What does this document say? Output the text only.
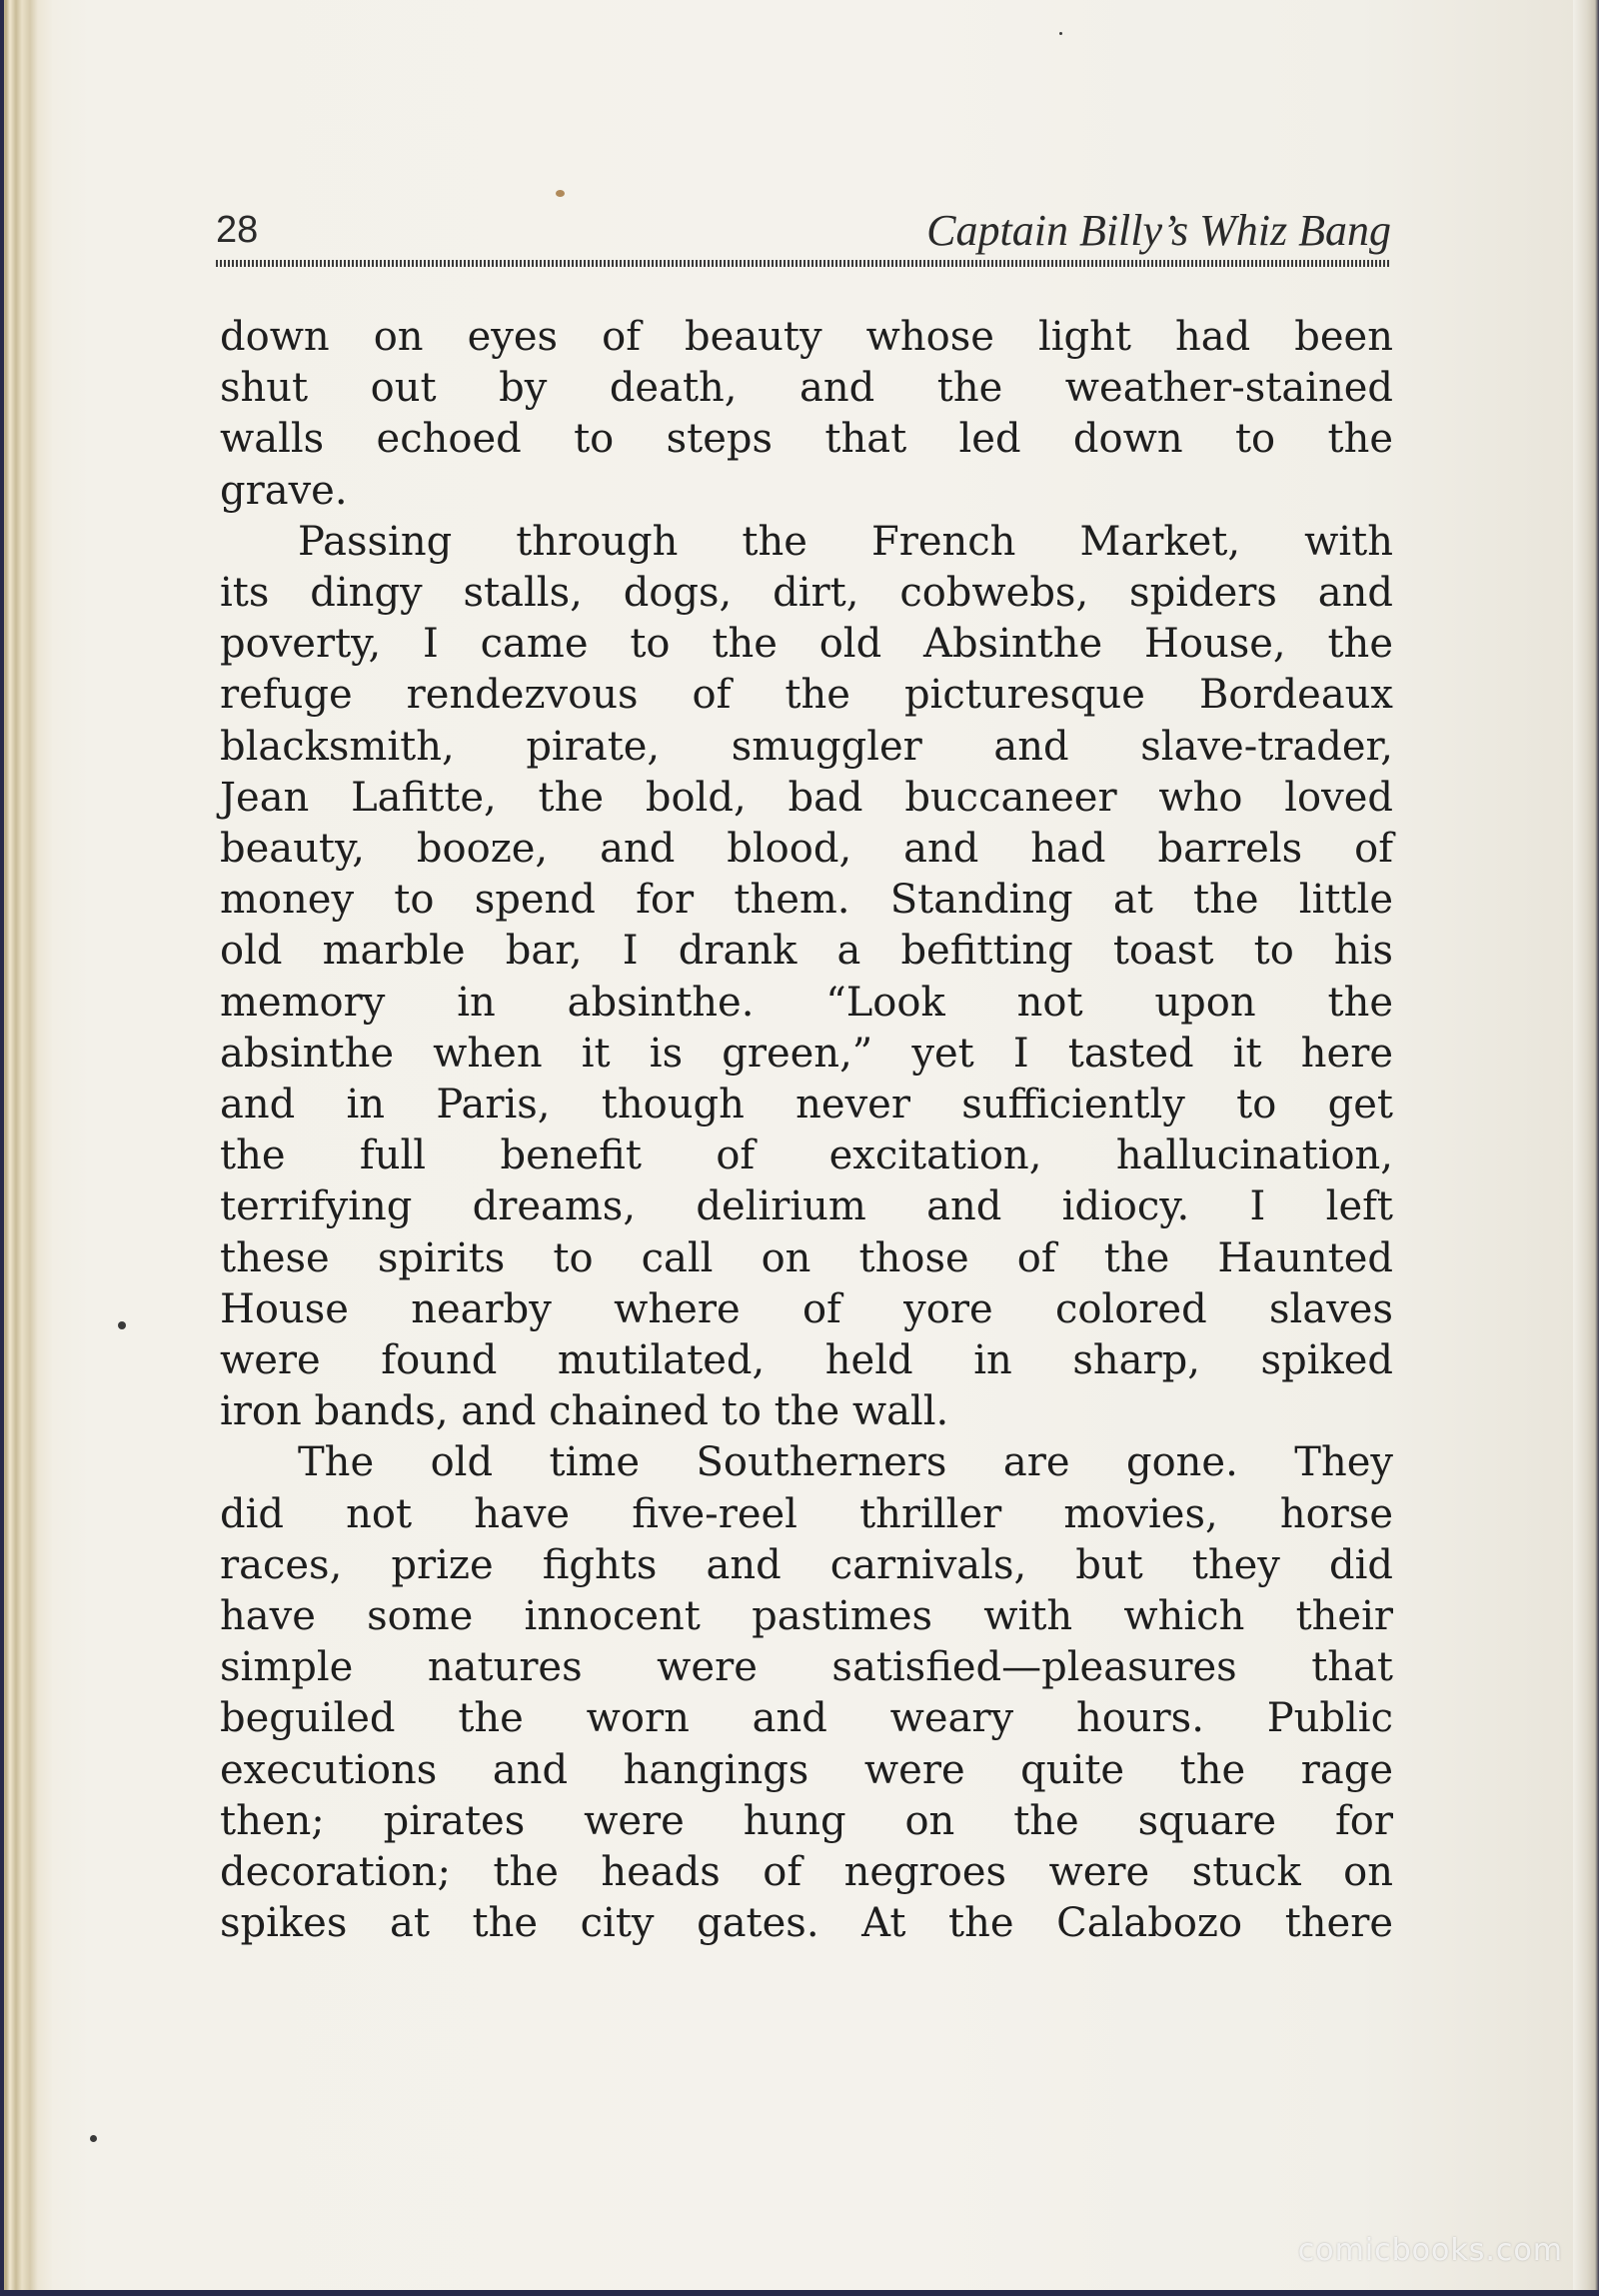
28	Captain Billy’s Whiz Bang
down on eyes of beauty whose light had been
shut out by death, and the weather-stained
walls echoed to steps that led down to the
grave.
Passing through the French Market, with
its dingy stalls, dogs, dirt, cobwebs, spiders and
poverty, I came to the old Absinthe House, the
refuge rendezvous of the picturesque Bordeaux
blacksmith, pirate, smuggler and slave-trader,
Jean Lafitte, the bold, bad buccaneer who loved
beauty, booze, and blood, and had barrels of
money to spend for them. Standing at the little
old marble bar, I drank a befitting toast to his
memory in absinthe. “Look not upon the
absinthe when it is green,” yet I tasted it here
and in Paris, though never sufficiently to get
the full benefit of excitation, hallucination,
terrifying dreams, delirium and idiocy. I left
these spirits to call on those of the Haunted
House nearby where of yore colored slaves
were found mutilated, held in sharp, spiked
iron bands, and chained to the wall.
The old time Southerners are gone. They
did not have five-reel thriller movies, horse
races, prize fights and carnivals, but they did
have some innocent pastimes with which their
simple natures were satisfied—pleasures that
beguiled the worn and weary hours. Public
executions and hangings were quite the rage
then; pirates were hung on the square for
decoration; the heads of negroes were stuck on
spikes at the city gates. At the Calabozo there
comicbooks.com
